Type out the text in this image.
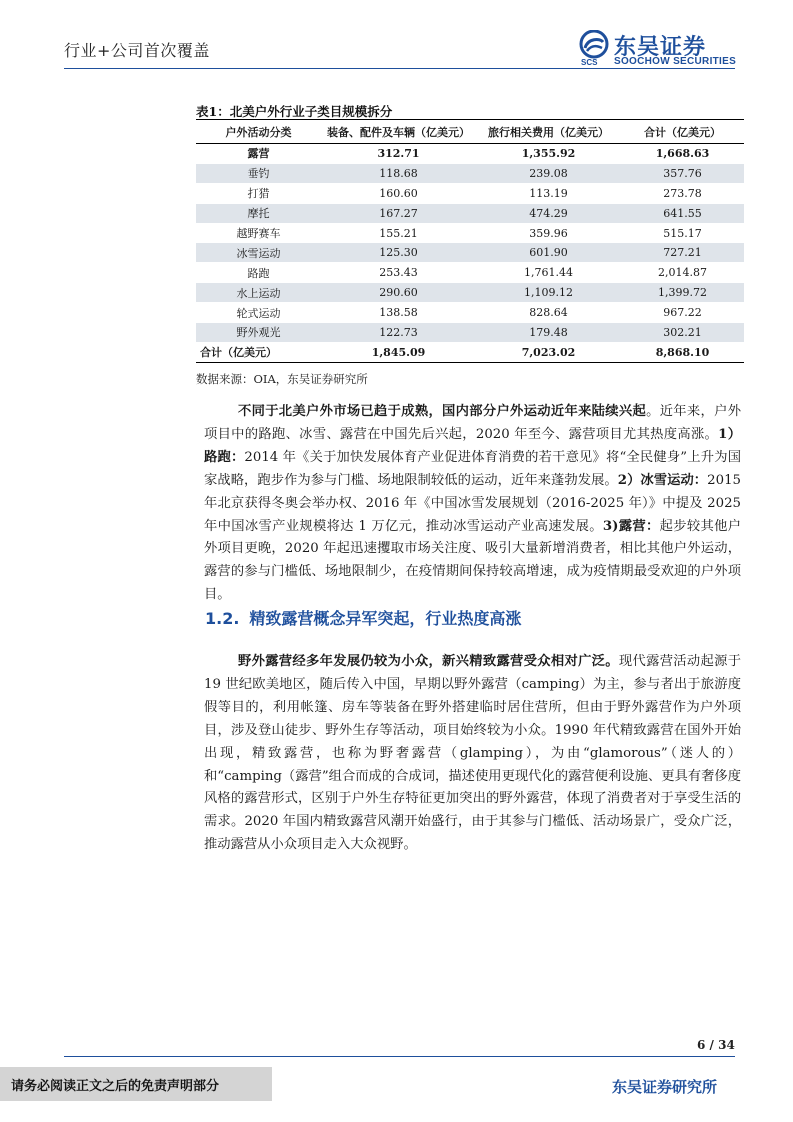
行业+公司首次覆盖
SCS
东吴证券
SOOCHOW SECURITIES
表1：北美户外行业子类目规模拆分
户外活动分类	装备、配件及车辆（亿美元）	旅行相关费用（亿美元）	合计（亿美元）
露营	312.71	1,355.92	1,668.63
垂钓	118.68	239.08	357.76
打猎	160.60	113.19	273.78
摩托	167.27	474.29	641.55
越野赛车	155.21	359.96	515.17
冰雪运动	125.30	601.90	727.21
路跑	253.43	1,761.44	2,014.87
水上运动	290.60	1,109.12	1,399.72
轮式运动	138.58	828.64	967.22
野外观光	122.73	179.48	302.21
合计（亿美元）	1,845.09	7,023.02	8,868.10
数据来源：OIA，东吴证券研究所

不同于北美户外市场已趋于成熟，国内部分户外运动近年来陆续兴起。近年来，户外项目中的路跑、冰雪、露营在中国先后兴起，2020 年至今、露营项目尤其热度高涨。1）路跑：2014 年《关于加快发展体育产业促进体育消费的若干意见》将“全民健身”上升为国家战略，跑步作为参与门槛、场地限制较低的运动，近年来蓬勃发展。2）冰雪运动：2015 年北京获得冬奥会举办权、2016 年《中国冰雪发展规划（2016-2025 年）》中提及 2025 年中国冰雪产业规模将达 1 万亿元，推动冰雪运动产业高速发展。3)露营：起步较其他户外项目更晚，2020 年起迅速攫取市场关注度、吸引大量新增消费者，相比其他户外运动，露营的参与门槛低、场地限制少，在疫情期间保持较高增速，成为疫情期最受欢迎的户外项目。

1.2. 精致露营概念异军突起，行业热度高涨

野外露营经多年发展仍较为小众，新兴精致露营受众相对广泛。现代露营活动起源于 19 世纪欧美地区，随后传入中国，早期以野外露营（camping）为主，参与者出于旅游度假等目的，利用帐篷、房车等装备在野外搭建临时居住营所，但由于野外露营作为户外项目，涉及登山徒步、野外生存等活动，项目始终较为小众。1990 年代精致露营在国外开始出现，精致露营，也称为野奢露营（glamping），为由“glamorous”（迷人的）和“camping（露营”组合而成的合成词，描述使用更现代化的露营便利设施、更具有奢侈度风格的露营形式，区别于户外生存特征更加突出的野外露营，体现了消费者对于享受生活的需求。2020 年国内精致露营风潮开始盛行，由于其参与门槛低、活动场景广，受众广泛，推动露营从小众项目走入大众视野。

6 / 34
请务必阅读正文之后的免责声明部分	东吴证券研究所
